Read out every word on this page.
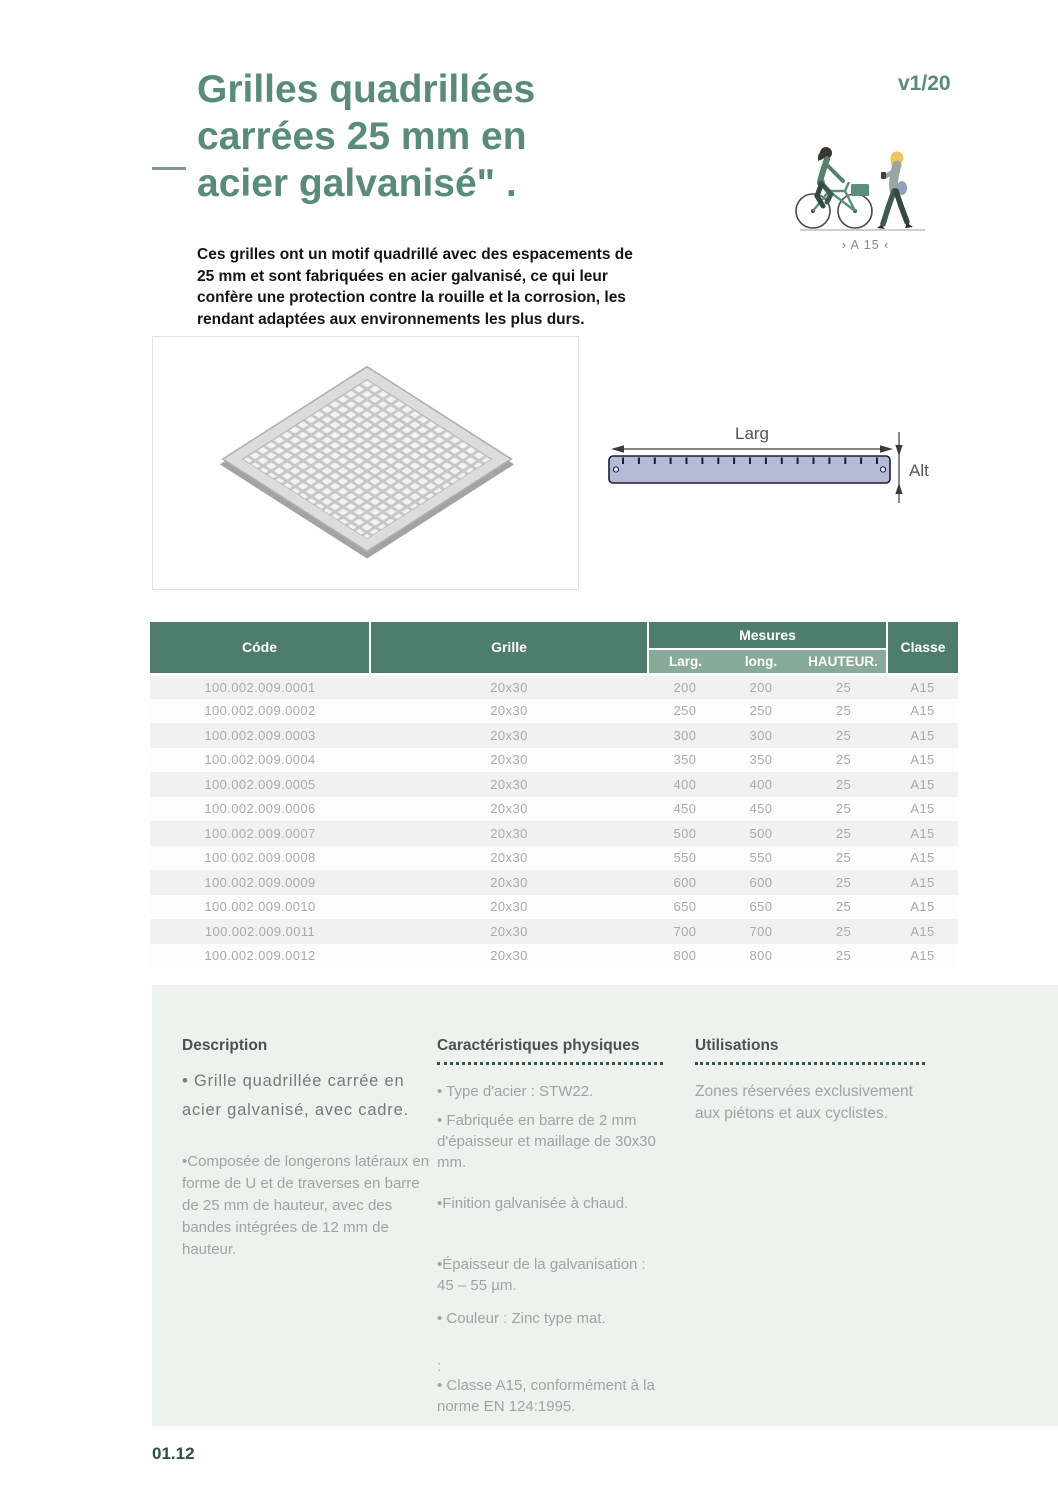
Grilles quadrillées
carrées 25 mm en
acier galvanisé" .
v1/20
› A 15 ‹

Ces grilles ont un motif quadrillé avec des espacements de 25 mm et sont fabriquées en acier galvanisé, ce qui leur confère une protection contre la rouille et la corrosion, les rendant adaptées aux environnements les plus durs.

Larg
Alt
Códe	Grille	Mesures			Classe
		Larg.	long.	HAUTEUR.	
100.002.009.0001	20x30	200	200	25	A15
100.002.009.0002	20x30	250	250	25	A15
100.002.009.0003	20x30	300	300	25	A15
100.002.009.0004	20x30	350	350	25	A15
100.002.009.0005	20x30	400	400	25	A15
100.002.009.0006	20x30	450	450	25	A15
100.002.009.0007	20x30	500	500	25	A15
100.002.009.0008	20x30	550	550	25	A15
100.002.009.0009	20x30	600	600	25	A15
100.002.009.0010	20x30	650	650	25	A15
100.002.009.0011	20x30	700	700	25	A15
100.002.009.0012	20x30	800	800	25	A15
Description

• Grille quadrillée carrée en acier galvanisé, avec cadre.

•Composée de longerons latéraux en forme de U et de traverses en barre de 25 mm de hauteur, avec des bandes intégrées de 12 mm de hauteur.

Caractéristiques physiques

• Type d'acier : STW22.

• Fabriquée en barre de 2 mm d'épaisseur et maillage de 30x30 mm.

•Finition galvanisée à chaud.

•Épaisseur de la galvanisation : 45 – 55 µm.

• Couleur : Zinc type mat.

:

• Classe A15, conformément à la norme EN 124:1995.

Utilisations

Zones réservées exclusivement aux piétons et aux cyclistes.

01.12
